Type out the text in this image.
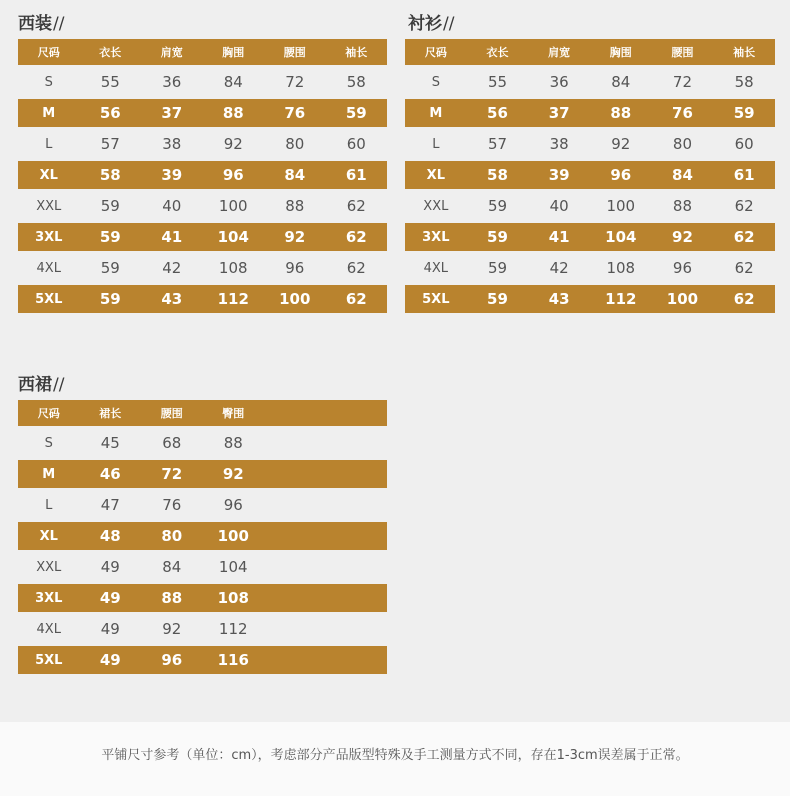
西装//
尺码	衣长	肩宽	胸围	腰围	袖长
S	55	36	84	72	58
M	56	37	88	76	59
L	57	38	92	80	60
XL	58	39	96	84	61
XXL	59	40	100	88	62
3XL	59	41	104	92	62
4XL	59	42	108	96	62
5XL	59	43	112	100	62
衬衫//
尺码	衣长	肩宽	胸围	腰围	袖长
S	55	36	84	72	58
M	56	37	88	76	59
L	57	38	92	80	60
XL	58	39	96	84	61
XXL	59	40	100	88	62
3XL	59	41	104	92	62
4XL	59	42	108	96	62
5XL	59	43	112	100	62
西裙//
尺码	裙长	腰围	臀围		
S	45	68	88		
M	46	72	92		
L	47	76	96		
XL	48	80	100		
XXL	49	84	104		
3XL	49	88	108		
4XL	49	92	112		
5XL	49	96	116		
平铺尺寸参考（单位：cm），考虑部分产品版型特殊及手工测量方式不同，存在1-3cm误差属于正常。
